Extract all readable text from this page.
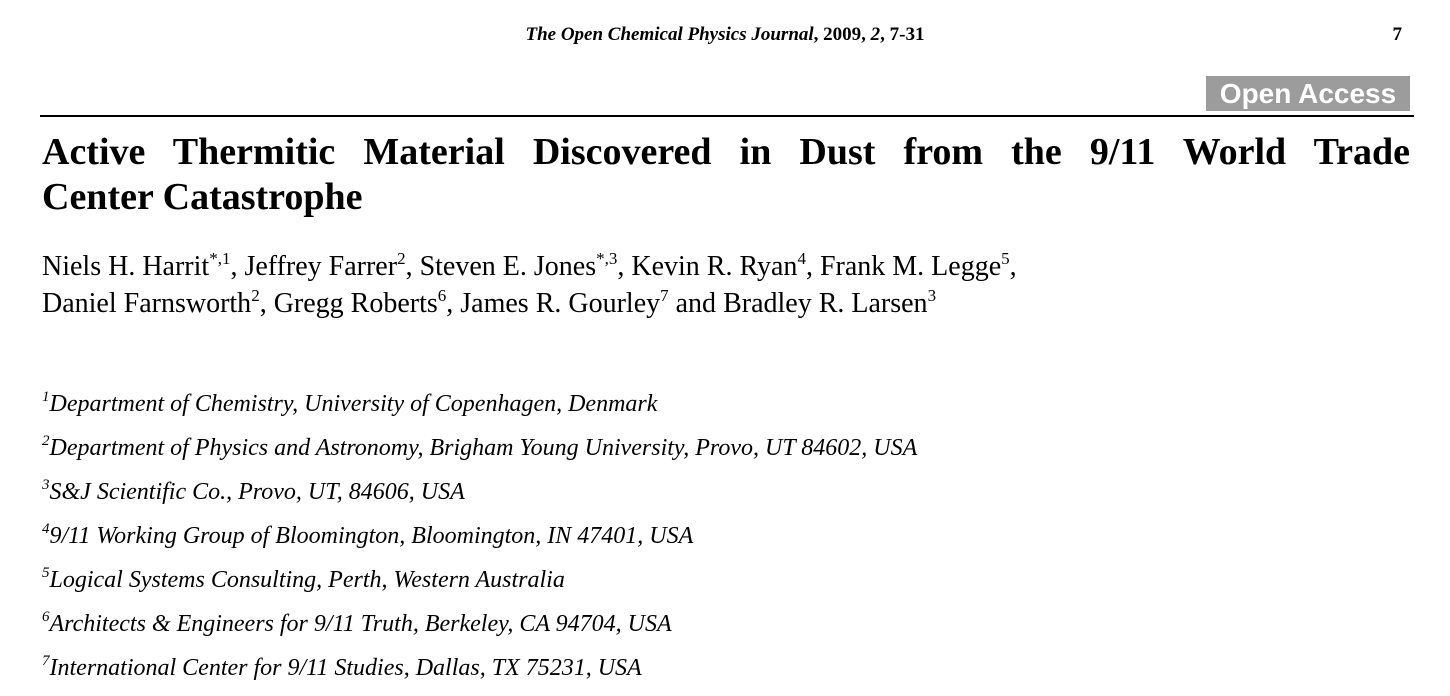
The Open Chemical Physics Journal, 2009, 2, 7-31	7
Open Access
Active Thermitic Material Discovered in Dust from the 9/11 World Trade
Center Catastrophe
Niels H. Harrit$^{*,1}$, Jeffrey Farrer$^2$, Steven E. Jones$^{*,3}$, Kevin R. Ryan$^4$, Frank M. Legge$^5$,
Daniel Farnsworth$^2$, Gregg Roberts$^6$, James R. Gourley$^7$ and Bradley R. Larsen$^3$
$^1$Department of Chemistry, University of Copenhagen, Denmark
$^2$Department of Physics and Astronomy, Brigham Young University, Provo, UT 84602, USA
$^3$S&J Scientific Co., Provo, UT, 84606, USA
$^4$9/11 Working Group of Bloomington, Bloomington, IN 47401, USA
$^5$Logical Systems Consulting, Perth, Western Australia
$^6$Architects & Engineers for 9/11 Truth, Berkeley, CA 94704, USA
$^7$International Center for 9/11 Studies, Dallas, TX 75231, USA
